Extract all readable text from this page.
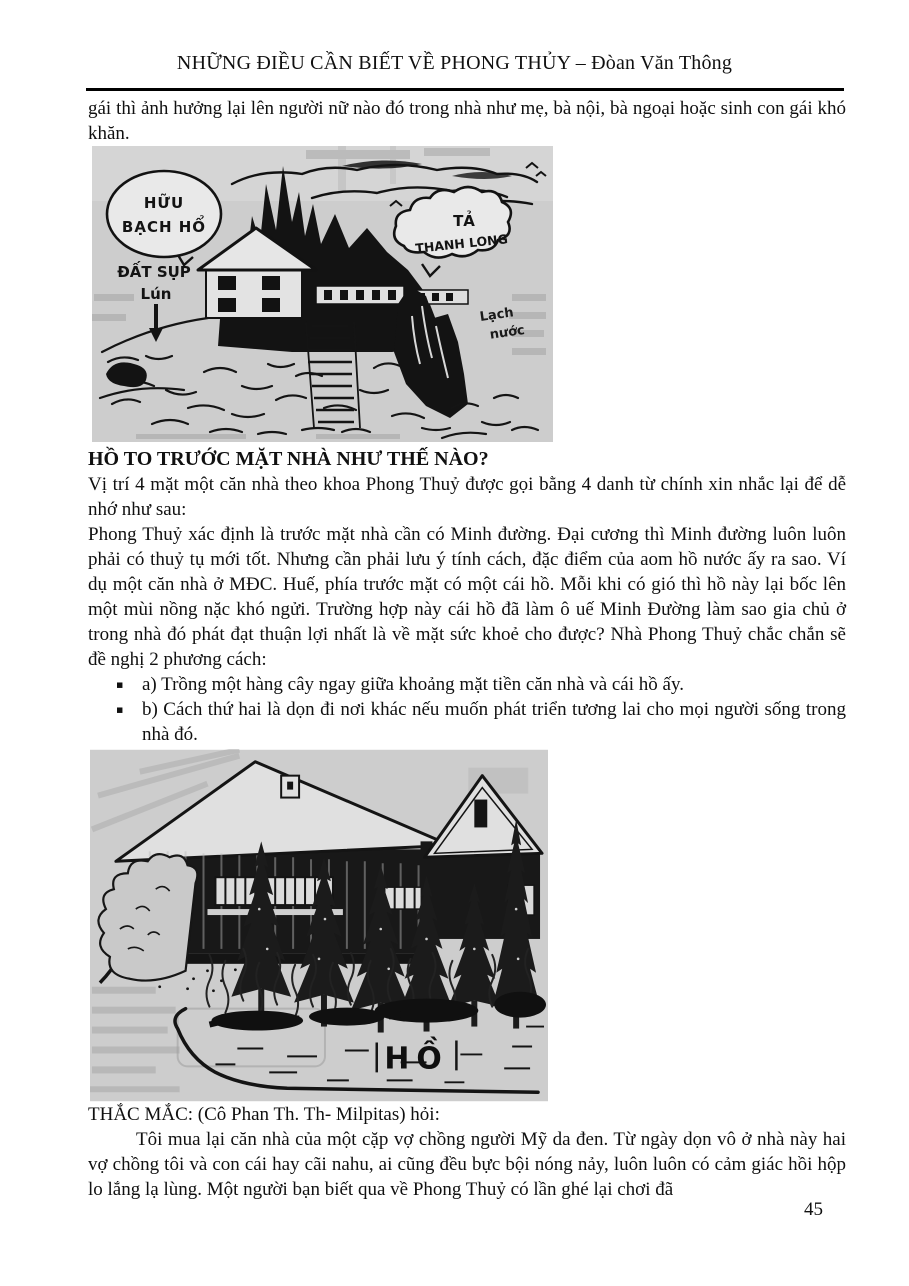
NHỮNG ĐIỀU CẦN BIẾT VỀ PHONG THỦY – Đòan Văn Thông

gái thì ảnh hưởng lại lên người nữ nào đó trong nhà như mẹ, bà nội, bà ngoại hoặc sinh con gái khó khăn.

HỮU
BẠCH HỔ	TẢ
THANH LONG
ĐẤT SỤP
Lún
Lạch
nước
HỒ TO TRƯỚC MẶT NHÀ NHƯ THẾ NÀO?

Vị trí 4 mặt một căn nhà theo khoa Phong Thuỷ được gọi bằng 4 danh từ chính xin nhắc lại để dễ nhớ như sau:

Phong Thuỷ xác định là trước mặt nhà cần có Minh đường. Đại cương thì Minh đường luôn luôn phải có thuỷ tụ mới tốt. Nhưng cần phải lưu ý tính cách, đặc điểm của aom hồ nước ấy ra sao. Ví dụ một căn nhà ở MĐC. Huế, phía trước mặt có một cái hồ. Mỗi khi có gió thì hồ này lại bốc lên một mùi nồng nặc khó ngửi. Trường hợp này cái hồ đã làm ô uế Minh Đường làm sao gia chủ ở trong nhà đó phát đạt thuận lợi nhất là về mặt sức khoẻ cho được? Nhà Phong Thuỷ chắc chắn sẽ đề nghị 2 phương cách:

▪ a) Trồng một hàng cây ngay giữa khoảng mặt tiền căn nhà và cái hồ ấy.
▪ b) Cách thứ hai là dọn đi nơi khác nếu muốn phát triển tương lai cho mọi người sống trong nhà đó.
HỒ

THẮC MẮC: (Cô Phan Th. Th- Milpitas) hỏi:

Tôi mua lại căn nhà của một cặp vợ chồng người Mỹ da đen. Từ ngày dọn vô ở nhà này hai vợ chồng tôi và con cái hay cãi nahu, ai cũng đều bực bội nóng nảy, luôn luôn có cảm giác hồi hộp lo lắng lạ lùng. Một người bạn biết qua về Phong Thuỷ có lần ghé lại chơi đã

45
